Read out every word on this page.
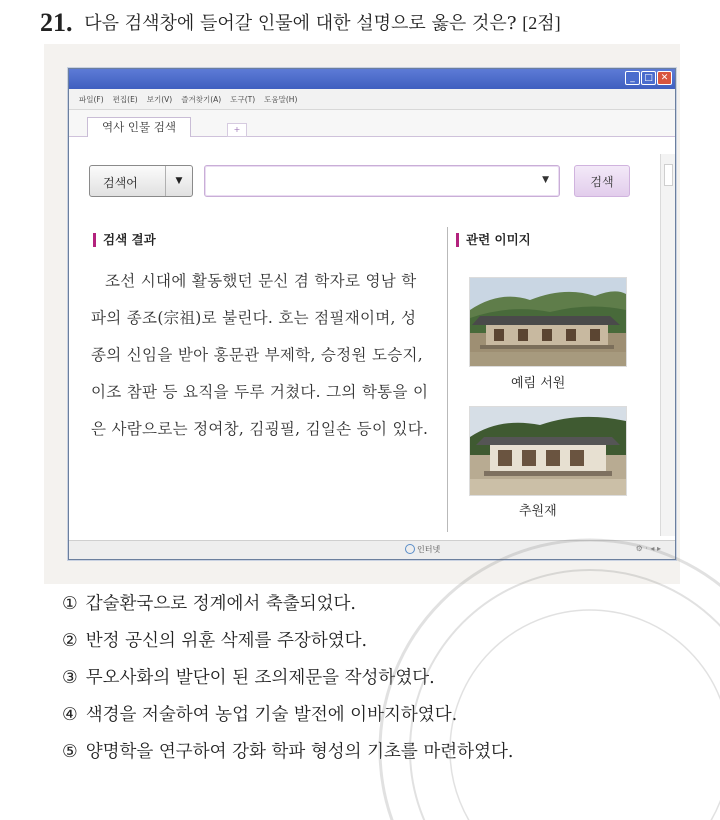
21. 다음 검색창에 들어갈 인물에 대한 설명으로 옳은 것은? [2점]
_	□ ✕
파일(F) 편집(E) 보기(V) 즐겨찾기(A) 도구(T) 도움말(H)
역사 인물 검색	+
검색어	▼	▼	검색
검색 결과

조선 시대에 활동했던 문신 겸 학자로 영남 학파의 종조(宗祖)로 불린다. 호는 점필재이며, 성종의 신임을 받아 홍문관 부제학, 승정원 도승지, 이조 참판 등 요직을 두루 거쳤다. 그의 학통을 이은 사람으로는 정여창, 김굉필, 김일손 등이 있다.

관련 이미지
예림 서원
추원재
인터넷	⚙ · ◂ ▸
① 갑술환국으로 정계에서 축출되었다.
② 반정 공신의 위훈 삭제를 주장하였다.
③ 무오사화의 발단이 된 조의제문을 작성하였다.
④ 색경을 저술하여 농업 기술 발전에 이바지하였다.
⑤ 양명학을 연구하여 강화 학파 형성의 기초를 마련하였다.
